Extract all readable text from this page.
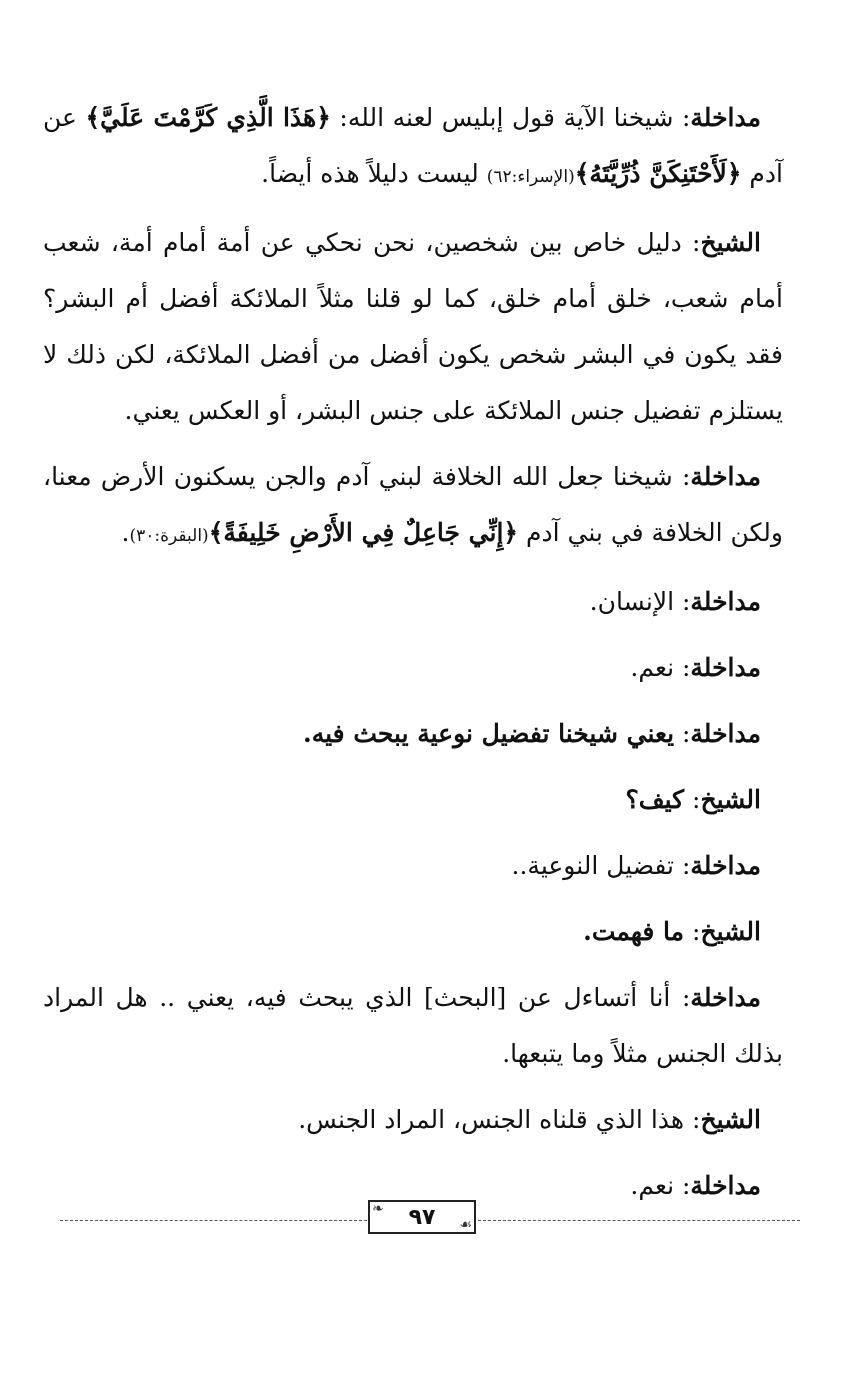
مداخلة: شيخنا الآية قول إبليس لعنه الله: ﴿هَذَا الَّذِي كَرَّمْتَ عَلَيَّ﴾ عن آدم ﴿لَأَحْتَنِكَنَّ ذُرِّيَّتَهُ﴾(الإسراء:٦٢) ليست دليلاً هذه أيضاً.

الشيخ: دليل خاص بين شخصين، نحن نحكي عن أمة أمام أمة، شعب أمام شعب، خلق أمام خلق، كما لو قلنا مثلاً الملائكة أفضل أم البشر؟ فقد يكون في البشر شخص يكون أفضل من أفضل الملائكة، لكن ذلك لا يستلزم تفضيل جنس الملائكة على جنس البشر، أو العكس يعني.

مداخلة: شيخنا جعل الله الخلافة لبني آدم والجن يسكنون الأرض معنا، ولكن الخلافة في بني آدم ﴿إِنِّي جَاعِلٌ فِي الأَرْضِ خَلِيفَةً﴾(البقرة:٣٠).

مداخلة: الإنسان.

مداخلة: نعم.

مداخلة: يعني شيخنا تفضيل نوعية يبحث فيه.

الشيخ: كيف؟

مداخلة: تفضيل النوعية..

الشيخ: ما فهمت.

مداخلة: أنا أتساءل عن [البحث] الذي يبحث فيه، يعني .. هل المراد بذلك الجنس مثلاً وما يتبعها.

الشيخ: هذا الذي قلناه الجنس، المراد الجنس.

مداخلة: نعم.

❧ ٩٧ ☙
